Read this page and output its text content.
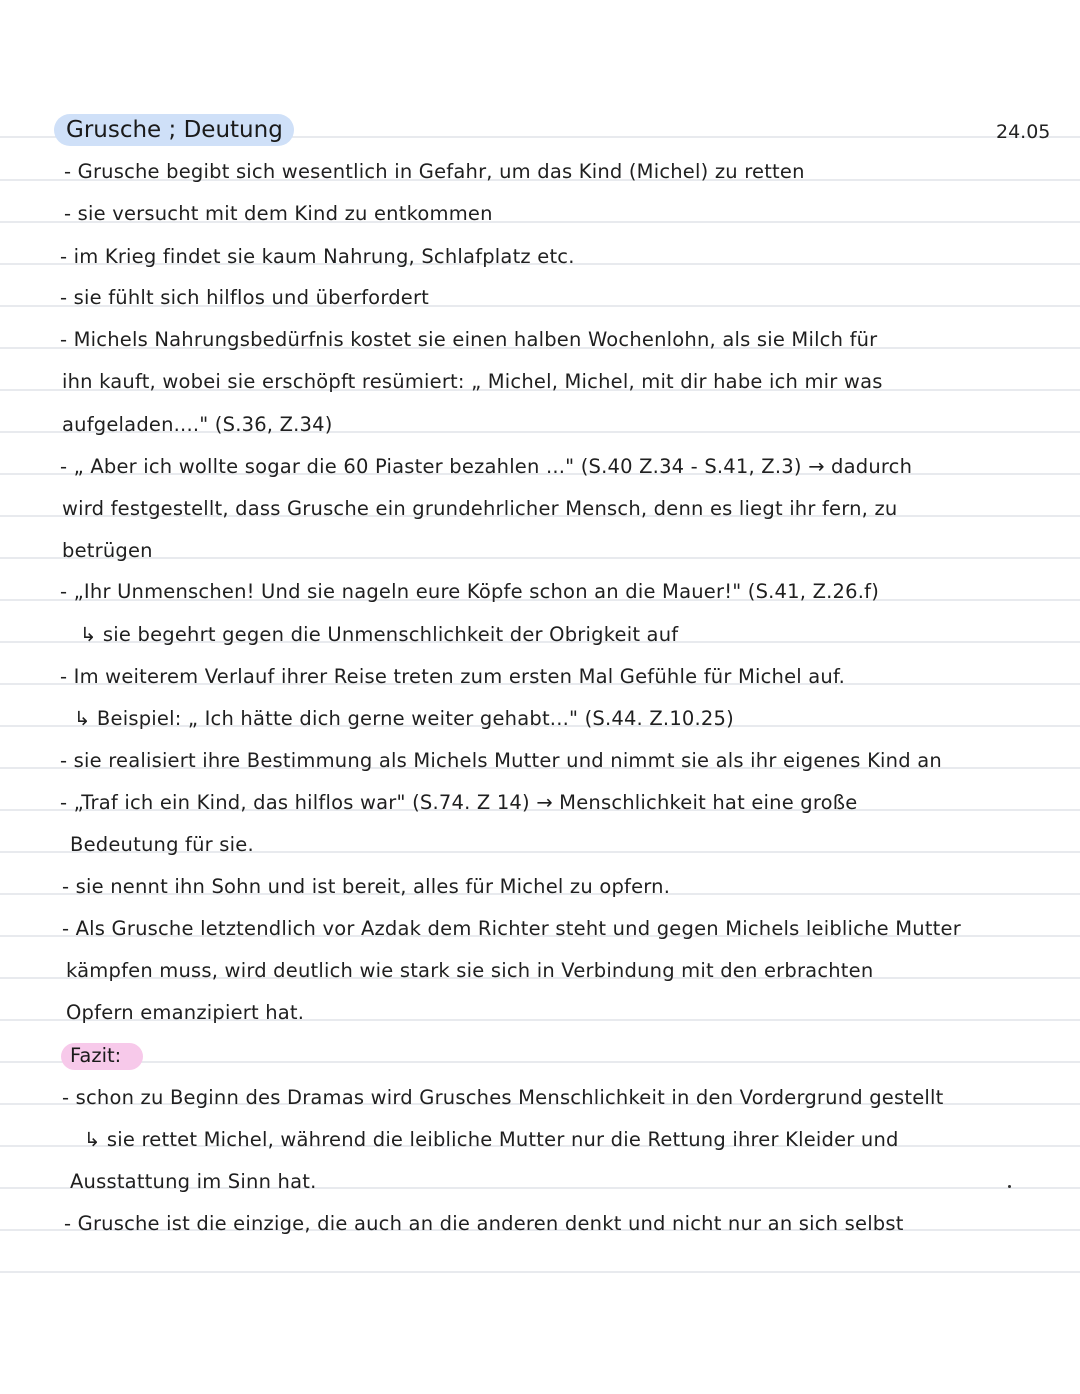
Grusche ; Deutung	24.05
- Grusche begibt sich wesentlich in Gefahr, um das Kind (Michel) zu retten
- sie versucht mit dem Kind zu entkommen
- im Krieg findet sie kaum Nahrung, Schlafplatz etc.
- sie fühlt sich hilflos und überfordert
- Michels Nahrungsbedürfnis kostet sie einen halben Wochenlohn, als sie Milch für
ihn kauft, wobei sie erschöpft resümiert: „ Michel, Michel, mit dir habe ich mir was
aufgeladen...." (S.36, Z.34)
- „ Aber ich wollte sogar die 60 Piaster bezahlen ..." (S.40 Z.34 - S.41, Z.3) → dadurch
wird festgestellt, dass Grusche ein grundehrlicher Mensch, denn es liegt ihr fern, zu
betrügen
- „Ihr Unmenschen! Und sie nageln eure Köpfe schon an die Mauer!" (S.41, Z.26.f)
↳ sie begehrt gegen die Unmenschlichkeit der Obrigkeit auf
- Im weiterem Verlauf ihrer Reise treten zum ersten Mal Gefühle für Michel auf.
↳ Beispiel: „ Ich hätte dich gerne weiter gehabt..." (S.44. Z.10.25)
- sie realisiert ihre Bestimmung als Michels Mutter und nimmt sie als ihr eigenes Kind an
- „Traf ich ein Kind, das hilflos war" (S.74. Z 14) → Menschlichkeit hat eine große
Bedeutung für sie.
- sie nennt ihn Sohn und ist bereit, alles für Michel zu opfern.
- Als Grusche letztendlich vor Azdak dem Richter steht und gegen Michels leibliche Mutter
kämpfen muss, wird deutlich wie stark sie sich in Verbindung mit den erbrachten
Opfern emanzipiert hat.
Fazit:
- schon zu Beginn des Dramas wird Grusches Menschlichkeit in den Vordergrund gestellt
↳ sie rettet Michel, während die leibliche Mutter nur die Rettung ihrer Kleider und
Ausstattung im Sinn hat.
- Grusche ist die einzige, die auch an die anderen denkt und nicht nur an sich selbst
